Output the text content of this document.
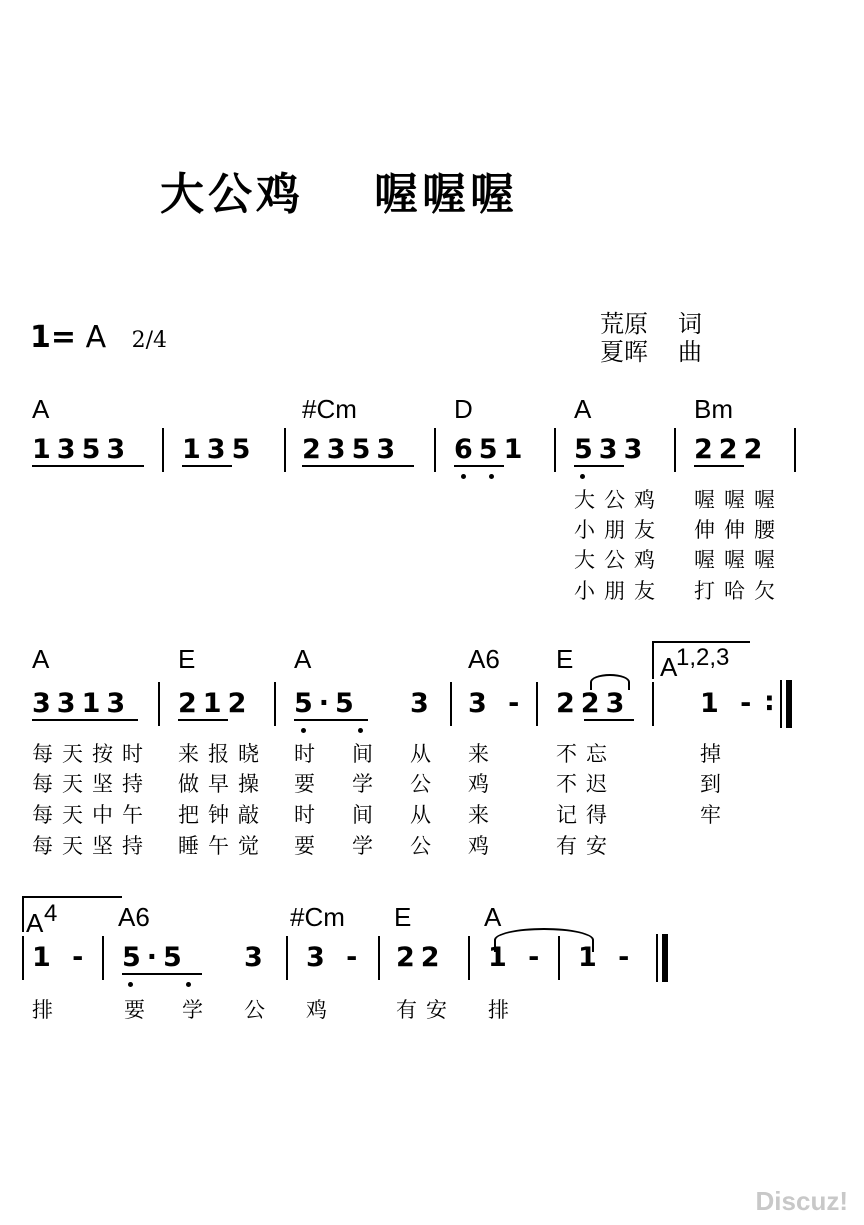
大公鸡 喔喔喔
1= A 2/4
荒原 词
夏晖 曲
A	#Cm	D	A	Bm
1353 135 2353 651 533 222
大公鸡 喔喔喔
小朋友 伸伸腰
大公鸡 喔喔喔
小朋友 打哈欠
A	E	A	A6 E	A
1,2,3
3313 212 5·5 3 3 - 223	1 - :
每天按时 来报晓 时 间 从 来	不忘	掉
每天坚持 做早操 要 学 公 鸡	不迟	到
每天中午 把钟敲 时 间 从 来	记得	牢
每天坚持 睡午觉 要 学 公 鸡	有安
A 4 A6	#Cm E	A
1 - 5·5 3 3 - 22 1 - 1 -
排	要 学 公 鸡	有安 排
Discuz!
